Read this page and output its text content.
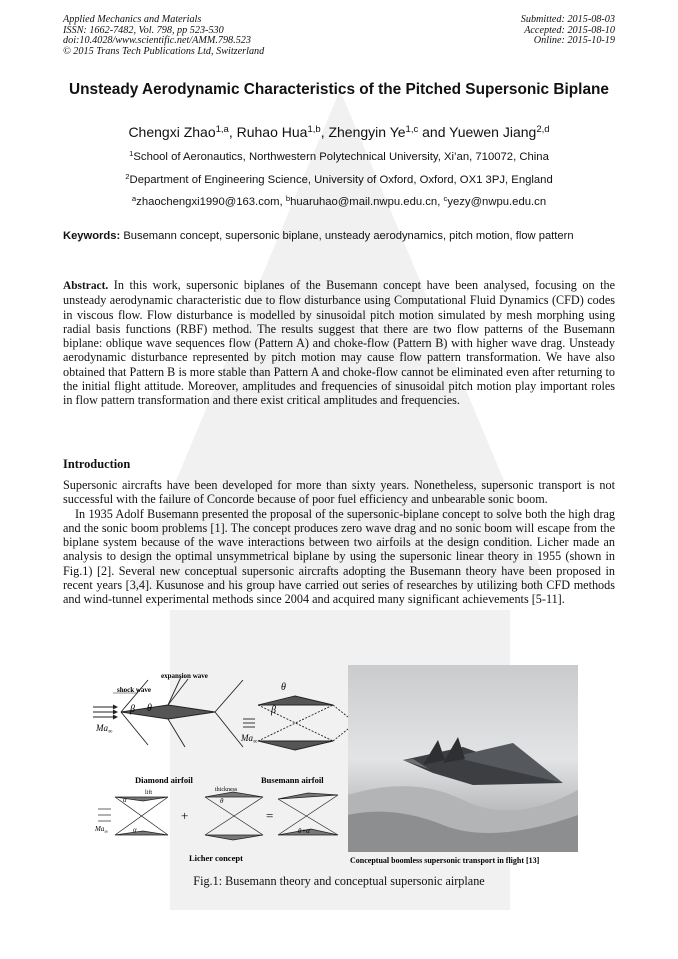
Applied Mechanics and Materials
ISSN: 1662-7482, Vol. 798, pp 523-530
doi:10.4028/www.scientific.net/AMM.798.523
© 2015 Trans Tech Publications Ltd, Switzerland
Submitted: 2015-08-03
Accepted: 2015-08-10
Online: 2015-10-19
Unsteady Aerodynamic Characteristics of the Pitched Supersonic Biplane
Chengxi Zhao$^{1,a}$, Ruhao Hua$^{1,b}$, Zhengyin Ye$^{1,c}$ and Yuewen Jiang$^{2,d}$
$^1$School of Aeronautics, Northwestern Polytechnical University, Xi’an, 710072, China
$^2$Department of Engineering Science, University of Oxford, Oxford, OX1 3PJ, England
$^a$zhaochengxi1990@163.com, $^b$huaruhao@mail.nwpu.edu.cn, $^c$yezy@nwpu.edu.cn
Keywords: Busemann concept, supersonic biplane, unsteady aerodynamics, pitch motion, flow pattern

Abstract. In this work, supersonic biplanes of the Busemann concept have been analysed, focusing on the unsteady aerodynamic characteristic due to flow disturbance using Computational Fluid Dynamics (CFD) codes in viscous flow. Flow disturbance is modelled by sinusoidal pitch motion simulated by mesh morphing using radial basis functions (RBF) method. The results suggest that there are two flow patterns of the Busemann biplane: oblique wave sequences flow (Pattern A) and choke-flow (Pattern B) with higher wave drag. Unsteady aerodynamic disturbance represented by pitch motion may cause flow pattern transformation. We have also obtained that Pattern B is more stable than Pattern A and choke-flow cannot be eliminated even after returning to the initial flight attitude. Moreover, amplitudes and frequencies of sinusoidal pitch motion play important roles in flow pattern transformation and there exist critical amplitudes and frequencies.

Introduction

Supersonic aircrafts have been developed for more than sixty years. Nonetheless, supersonic transport is not successful with the failure of Concorde because of poor fuel efficiency and unbearable sonic boom.

In 1935 Adolf Busemann presented the proposal of the supersonic-biplane concept to solve both the high drag and the sonic boom problems [1]. The concept produces zero wave drag and no sonic boom will escape from the biplane system because of the wave interactions between two airfoils at the design condition. Licher made an analysis to design the optimal unsymmetrical biplane by using the supersonic linear theory in 1955 (shown in Fig.1) [2]. Several new conceptual supersonic aircrafts adopting the Busemann theory have been proposed in recent years [3,4]. Kusunose and his group have carried out series of researches by utilizing both CFD methods and wind-tunnel experimental methods since 2004 and acquired many significant achievements [5-11].

shock wave
expansion wave
β θ
$Ma_\infty$
Diamond airfoil
θ
β
$Ma_\infty$
Busemann airfoil
lift	thickness
α
α
θ
θ+α
$Ma_\infty$
+	=
Licher concept	Conceptual boomless supersonic transport in flight [13]
Fig.1: Busemann theory and conceptual supersonic airplane
